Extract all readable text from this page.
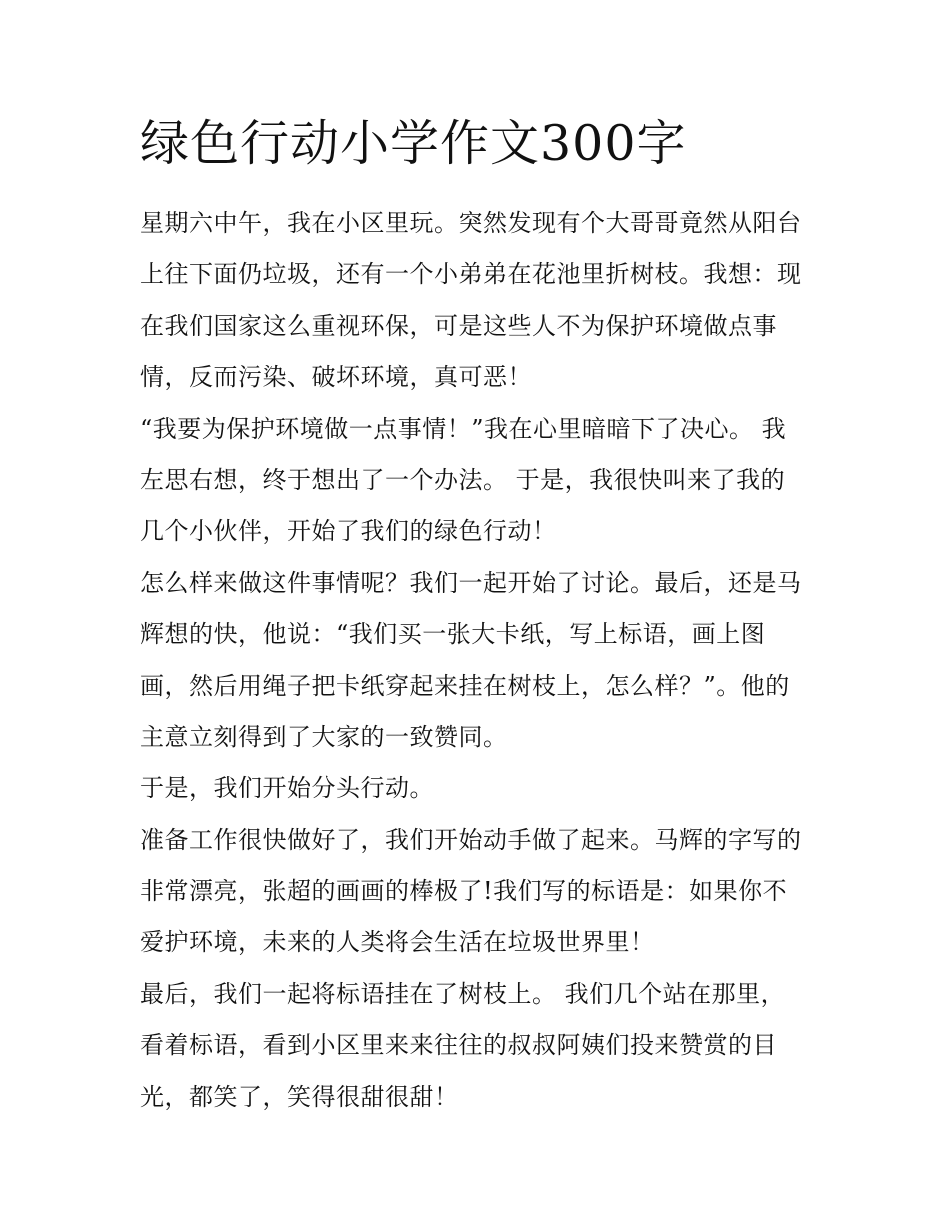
绿色行动小学作文300字
星期六中午，我在小区里玩。突然发现有个大哥哥竟然从阳台
上往下面仍垃圾，还有一个小弟弟在花池里折树枝。我想：现
在我们国家这么重视环保，可是这些人不为保护环境做点事
情，反而污染、破坏环境，真可恶！
“我要为保护环境做一点事情！”我在心里暗暗下了决心。 我
左思右想，终于想出了一个办法。 于是，我很快叫来了我的
几个小伙伴，开始了我们的绿色行动！
怎么样来做这件事情呢？我们一起开始了讨论。最后，还是马
辉想的快，他说：“我们买一张大卡纸，写上标语，画上图
画，然后用绳子把卡纸穿起来挂在树枝上，怎么样？”。他的
主意立刻得到了大家的一致赞同。
于是，我们开始分头行动。
准备工作很快做好了，我们开始动手做了起来。马辉的字写的
非常漂亮，张超的画画的棒极了!我们写的标语是：如果你不
爱护环境，未来的人类将会生活在垃圾世界里！
最后，我们一起将标语挂在了树枝上。 我们几个站在那里，
看着标语，看到小区里来来往往的叔叔阿姨们投来赞赏的目
光，都笑了，笑得很甜很甜！
